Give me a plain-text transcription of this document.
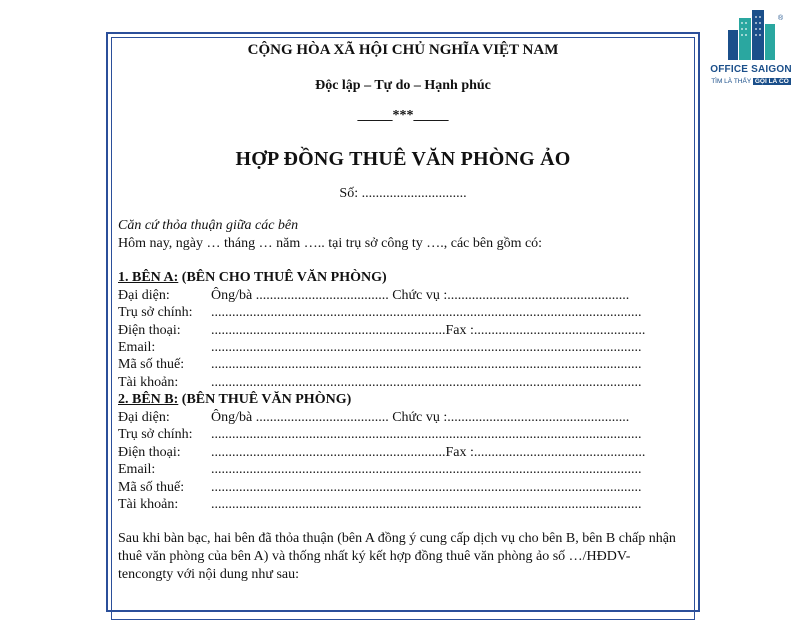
CỘNG HÒA XÃ HỘI CHỦ NGHĨA VIỆT NAM
Độc lập – Tự do – Hạnh phúc
_____***_____
HỢP ĐỒNG THUÊ VĂN PHÒNG ẢO
Số: ..............................
Căn cứ thỏa thuận giữa các bên
Hôm nay, ngày … tháng … năm ….. tại trụ sở công ty …., các bên gồm có:
1. BÊN A: (BÊN CHO THUÊ VĂN PHÒNG)
Đại diện:	Ông/bà ...................................... Chức vụ :....................................................
Trụ sở chính: ...........................................................................................................................
Điện thoại: ...................................................................Fax :.................................................
Email:	...........................................................................................................................
Mã số thuế: ...........................................................................................................................
Tài khoản: ...........................................................................................................................
2. BÊN B: (BÊN THUÊ VĂN PHÒNG)
Đại diện:	Ông/bà ...................................... Chức vụ :....................................................
Trụ sở chính: ...........................................................................................................................
Điện thoại: ...................................................................Fax :.................................................
Email:	...........................................................................................................................
Mã số thuế: ...........................................................................................................................
Tài khoản: ...........................................................................................................................
Sau khi bàn bạc, hai bên đã thỏa thuận (bên A đồng ý cung cấp dịch vụ cho bên B, bên B chấp nhận thuê văn phòng của bên A) và thống nhất ký kết hợp đồng thuê văn phòng ảo số …/HĐDV-tencongty với nội dung như sau:
®
OFFICE SAIGON
TÌM LÀ THẤY GỌI LÀ CÓ
